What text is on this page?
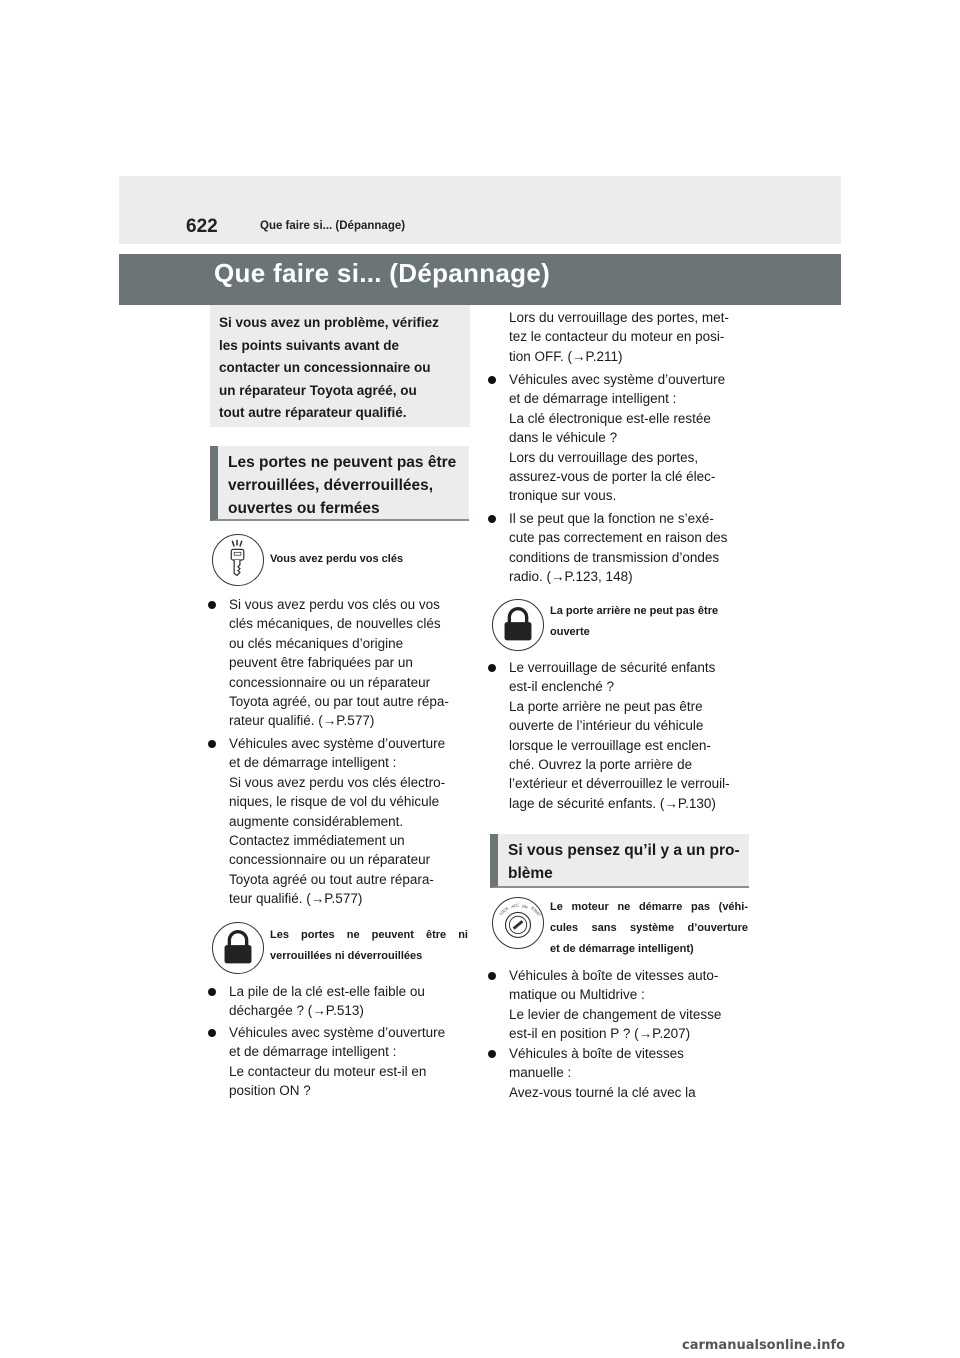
622	Que faire si... (Dépannage)
Que faire si... (Dépannage)
Si vous avez un problème, vérifiez
les points suivants avant de
contacter un concessionnaire ou
un réparateur Toyota agréé, ou
tout autre réparateur qualifié.
Les portes ne peuvent pas être
verrouillées, déverrouillées,
ouvertes ou fermées
Vous avez perdu vos clés
Si vous avez perdu vos clés ou vos
clés mécaniques, de nouvelles clés
ou clés mécaniques d’origine
peuvent être fabriquées par un
concessionnaire ou un réparateur
Toyota agréé, ou par tout autre répa-
rateur qualifié. (→P.577)
Véhicules avec système d’ouverture
et de démarrage intelligent :
Si vous avez perdu vos clés électro-
niques, le risque de vol du véhicule
augmente considérablement.
Contactez immédiatement un
concessionnaire ou un réparateur
Toyota agréé ou tout autre répara-
teur qualifié. (→P.577)
Les portes ne peuvent être ni
verrouillées ni déverrouillées
La pile de la clé est-elle faible ou
déchargée ? (→P.513)
Véhicules avec système d’ouverture
et de démarrage intelligent :
Le contacteur du moteur est-il en
position ON ?
Lors du verrouillage des portes, met-
tez le contacteur du moteur en posi-
tion OFF. (→P.211)
Véhicules avec système d’ouverture
et de démarrage intelligent :
La clé électronique est-elle restée
dans le véhicule ?
Lors du verrouillage des portes,
assurez-vous de porter la clé élec-
tronique sur vous.
Il se peut que la fonction ne s’exé-
cute pas correctement en raison des
conditions de transmission d’ondes
radio. (→P.123, 148)
La porte arrière ne peut pas être
ouverte
Le verrouillage de sécurité enfants
est-il enclenché ?
La porte arrière ne peut pas être
ouverte de l’intérieur du véhicule
lorsque le verrouillage est enclen-
ché. Ouvrez la porte arrière de
l’extérieur et déverrouillez le verrouil-
lage de sécurité enfants. (→P.130)
Si vous pensez qu’il y a un pro-
blème
LOCK
ACC ON START Le moteur ne démarre pas (véhi-
cules sans système d’ouverture
et de démarrage intelligent)
Véhicules à boîte de vitesses auto-
matique ou Multidrive :
Le levier de changement de vitesse
est-il en position P ? (→P.207)
Véhicules à boîte de vitesses
manuelle :
Avez-vous tourné la clé avec la
carmanualsonline.info
